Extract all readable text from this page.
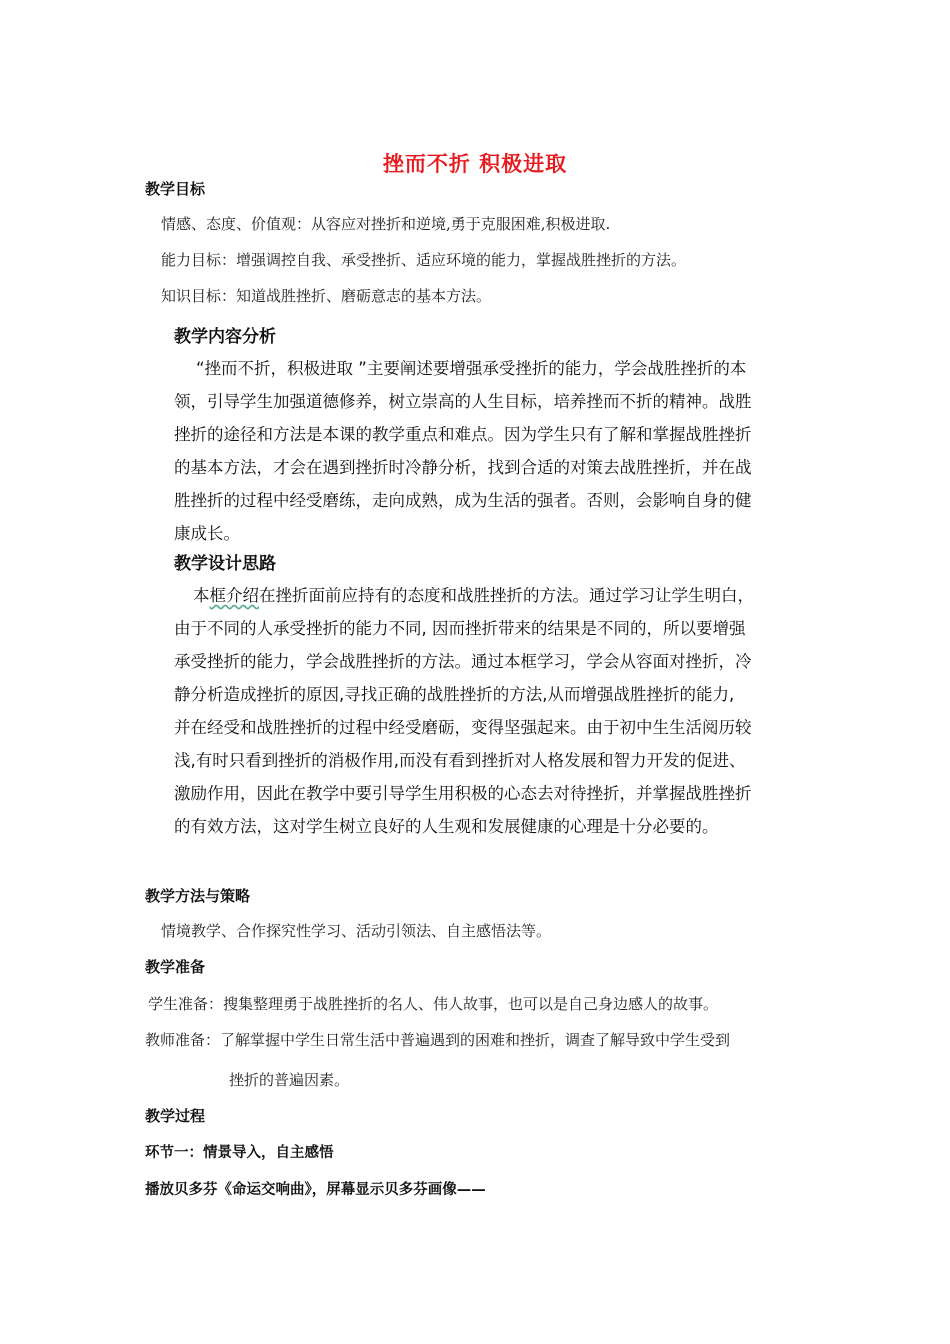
挫而不折 积极进取
教学目标
情感、态度、价值观：从容应对挫折和逆境,勇于克服困难,积极进取.
能力目标：增强调控自我、承受挫折、适应环境的能力，掌握战胜挫折的方法。
知识目标：知道战胜挫折、磨砺意志的基本方法。
教学内容分析
“挫而不折，积极进取 ”主要阐述要增强承受挫折的能力，学会战胜挫折的本
领，引导学生加强道德修养，树立崇高的人生目标，培养挫而不折的精神。战胜
挫折的途径和方法是本课的教学重点和难点。因为学生只有了解和掌握战胜挫折
的基本方法，才会在遇到挫折时冷静分析，找到合适的对策去战胜挫折，并在战
胜挫折的过程中经受磨练，走向成熟，成为生活的强者。否则，会影响自身的健
康成长。
教学设计思路
本框介绍在挫折面前应持有的态度和战胜挫折的方法。通过学习让学生明白，
由于不同的人承受挫折的能力不同, 因而挫折带来的结果是不同的，所以要增强
承受挫折的能力，学会战胜挫折的方法。通过本框学习，学会从容面对挫折，冷
静分析造成挫折的原因,寻找正确的战胜挫折的方法,从而增强战胜挫折的能力,
并在经受和战胜挫折的过程中经受磨砺，变得坚强起来。由于初中生生活阅历较
浅,有时只看到挫折的消极作用,而没有看到挫折对人格发展和智力开发的促进、
激励作用，因此在教学中要引导学生用积极的心态去对待挫折，并掌握战胜挫折
的有效方法，这对学生树立良好的人生观和发展健康的心理是十分必要的。
教学方法与策略
情境教学、合作探究性学习、活动引领法、自主感悟法等。
教学准备
学生准备：搜集整理勇于战胜挫折的名人、伟人故事，也可以是自己身边感人的故事。
教师准备：了解掌握中学生日常生活中普遍遇到的困难和挫折，调查了解导致中学生受到
挫折的普遍因素。
教学过程
环节一：情景导入，自主感悟
播放贝多芬《命运交响曲》，屏幕显示贝多芬画像——
